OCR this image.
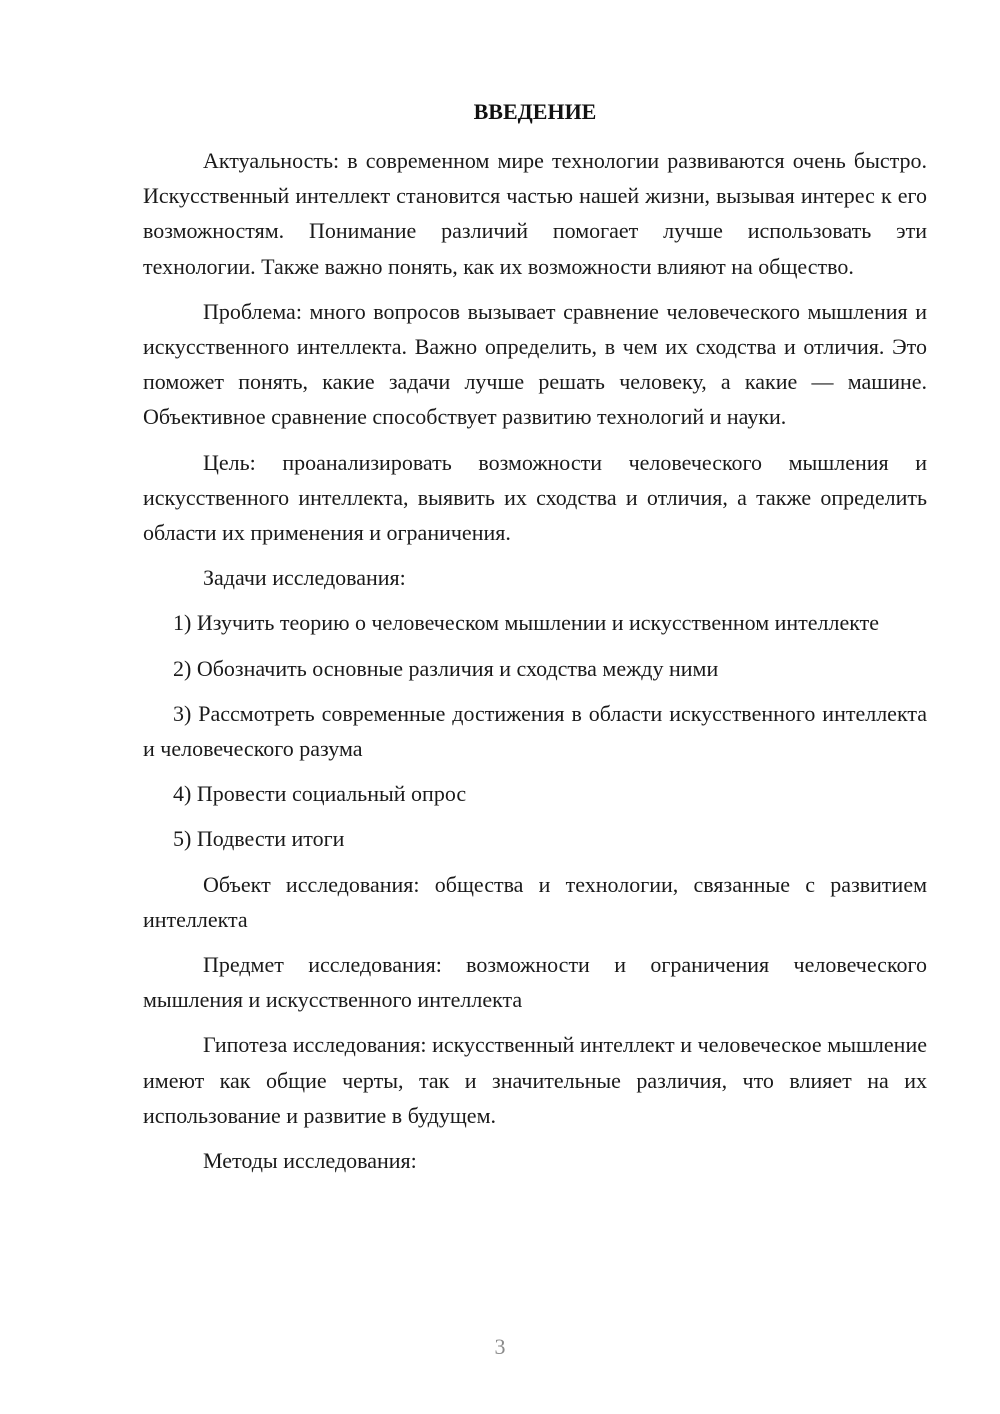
ВВЕДЕНИЕ

Актуальность: в современном мире технологии развиваются очень быстро. Искусственный интеллект становится частью нашей жизни, вызывая интерес к его возможностям. Понимание различий помогает лучше использовать эти технологии. Также важно понять, как их возможности влияют на общество.

Проблема: много вопросов вызывает сравнение человеческого мышления и искусственного интеллекта. Важно определить, в чем их сходства и отличия. Это поможет понять, какие задачи лучше решать человеку, а какие — машине. Объективное сравнение способствует развитию технологий и науки.

Цель: проанализировать возможности человеческого мышления и искусственного интеллекта, выявить их сходства и отличия, а также определить области их применения и ограничения.

Задачи исследования:

1) Изучить теорию о человеческом мышлении и искусственном интеллекте

2) Обозначить основные различия и сходства между ними

3) Рассмотреть современные достижения в области искусственного интеллекта и человеческого разума

4) Провести социальный опрос

5) Подвести итоги

Объект исследования: общества и технологии, связанные с развитием интеллекта

Предмет исследования: возможности и ограничения человеческого мышления и искусственного интеллекта

Гипотеза исследования: искусственный интеллект и человеческое мышление имеют как общие черты, так и значительные различия, что влияет на их использование и развитие в будущем.

Методы исследования:

3
